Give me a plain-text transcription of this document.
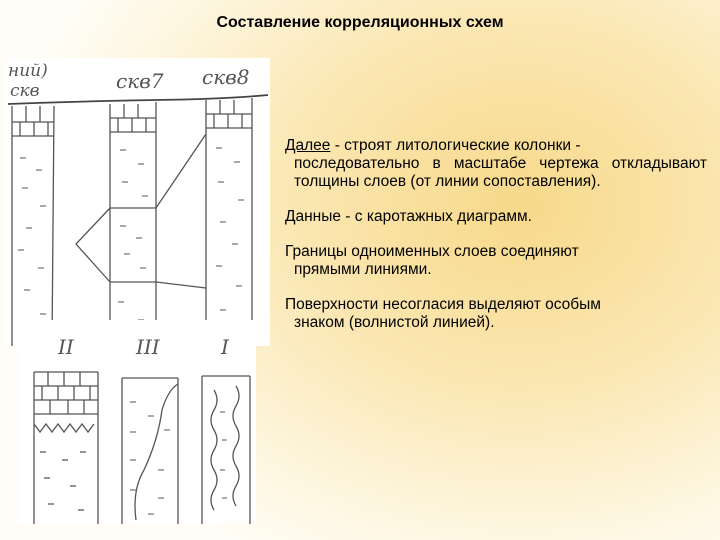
Составление корреляционных схем
ний)
скв	скв7 скв8
II	III	I

Далее - строят литологические колонки -
последовательно в масштабе чертежа откладывают толщины слоев (от линии сопоставления).

Данные - с каротажных диаграмм.

Границы одноименных слоев соединяют
прямыми линиями.

Поверхности несогласия выделяют особым
знаком (волнистой линией).
